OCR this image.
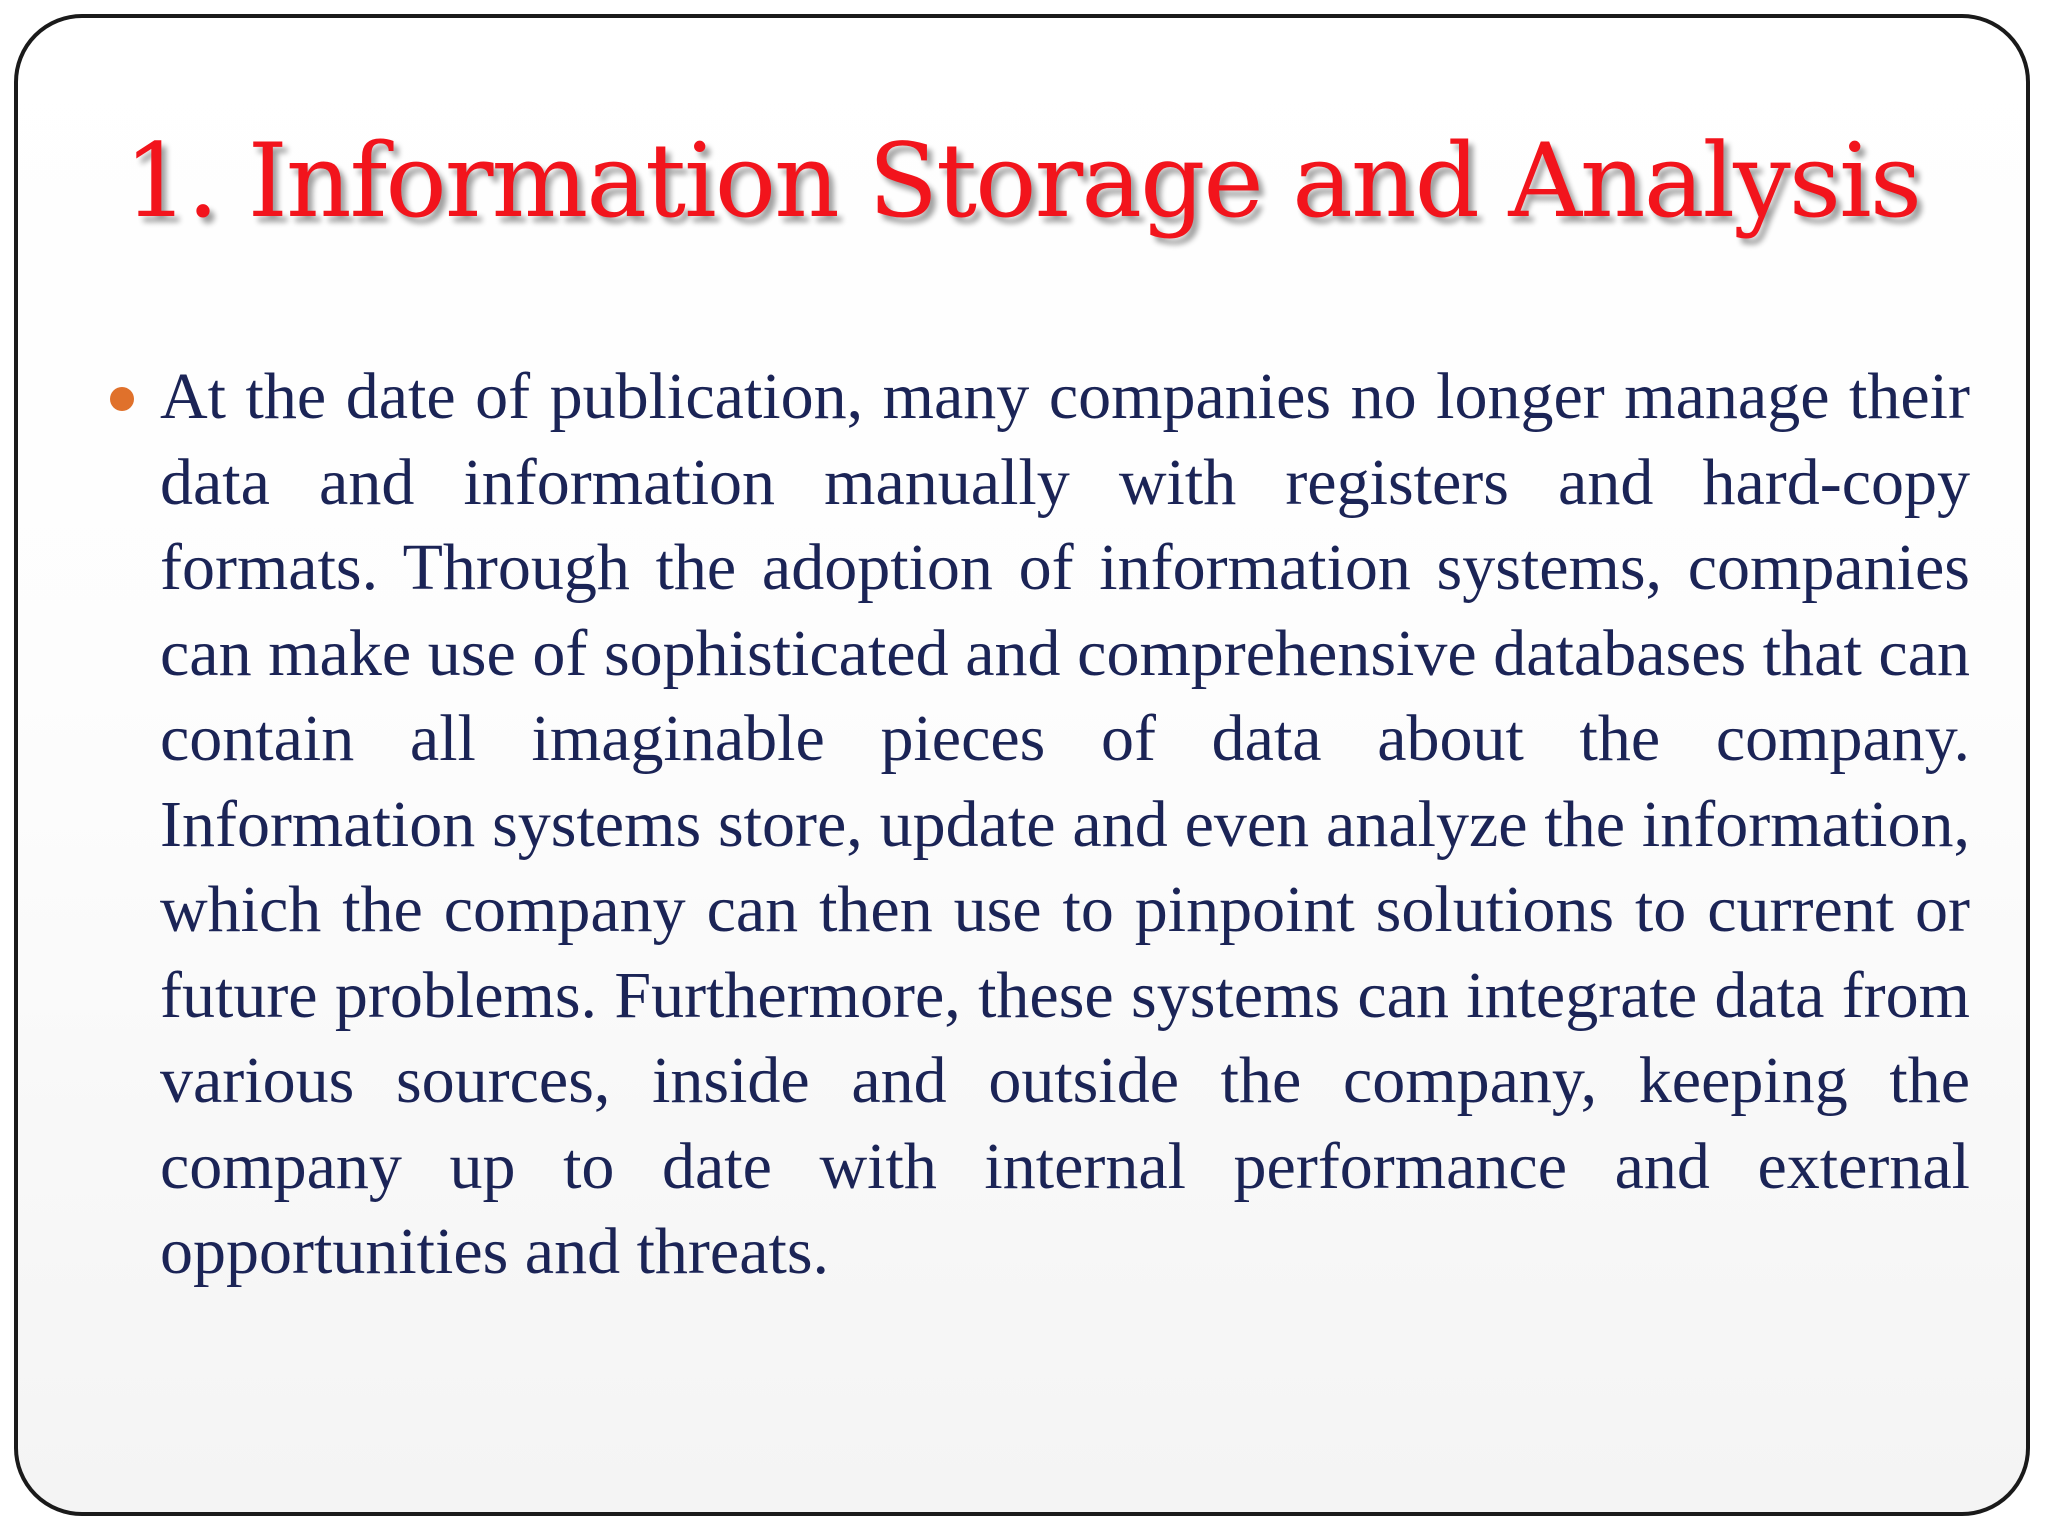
1. Information Storage and Analysis

At the date of publication, many companies no longer manage their data and information manually with registers and hard-copy formats. Through the adoption of information systems, companies can make use of sophisticated and comprehensive databases that can contain all imaginable pieces of data about the company. Information systems store, update and even analyze the information, which the company can then use to pinpoint solutions to current or future problems. Furthermore, these systems can integrate data from various sources, inside and outside the company, keeping the company up to date with internal performance and external opportunities and threats.
